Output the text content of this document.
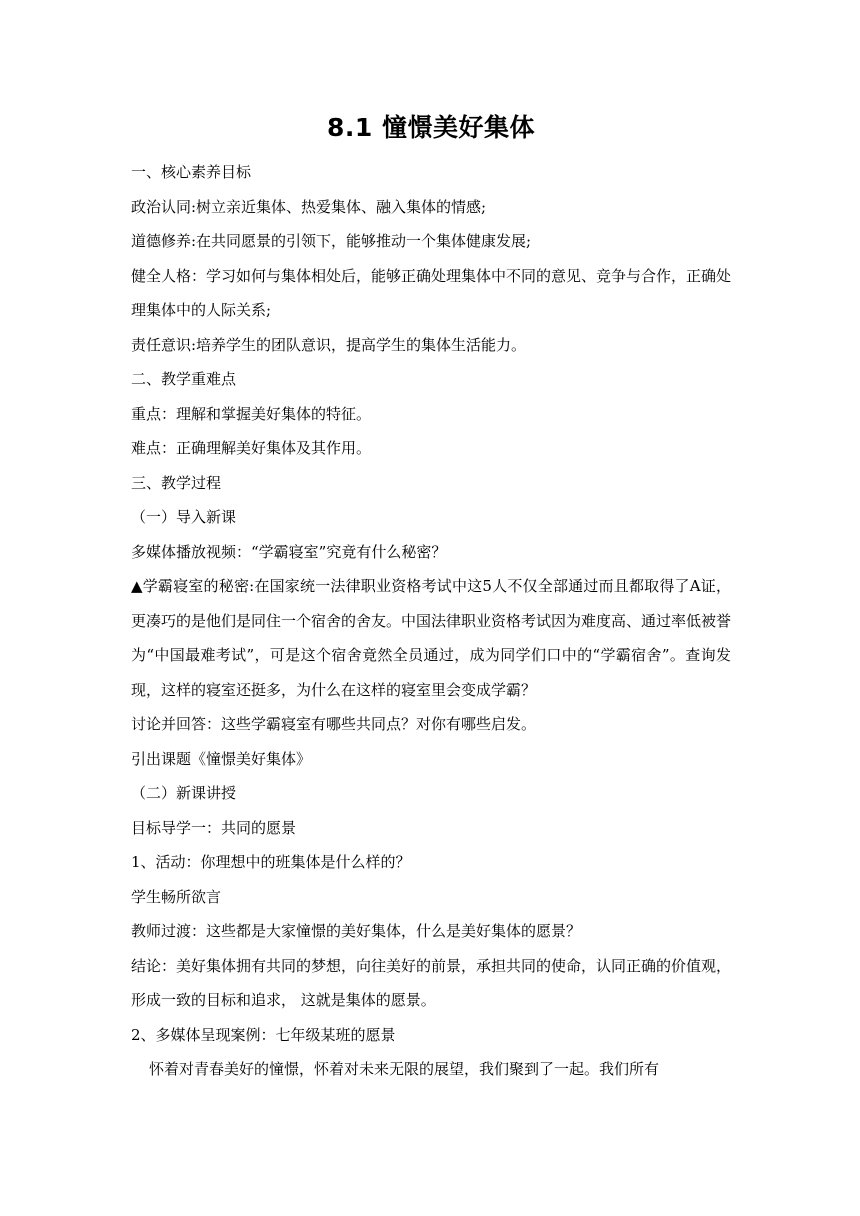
8.1 憧憬美好集体

一、核心素养目标

政治认同:树立亲近集体、热爱集体、融入集体的情感;

道德修养:在共同愿景的引领下，能够推动一个集体健康发展;

健全人格：学习如何与集体相处后，能够正确处理集体中不同的意见、竞争与合作，正确处理集体中的人际关系;

责任意识:培养学生的团队意识，提高学生的集体生活能力。

二、教学重难点

重点：理解和掌握美好集体的特征。

难点：正确理解美好集体及其作用。

三、教学过程

（一）导入新课

多媒体播放视频：“学霸寝室”究竟有什么秘密？

▲学霸寝室的秘密:在国家统一法律职业资格考试中这5人不仅全部通过而且都取得了A证，更凑巧的是他们是同住一个宿舍的舍友。中国法律职业资格考试因为难度高、通过率低被誉为“中国最难考试”，可是这个宿舍竟然全员通过，成为同学们口中的“学霸宿舍”。查询发现，这样的寝室还挺多，为什么在这样的寝室里会变成学霸？

讨论并回答：这些学霸寝室有哪些共同点？对你有哪些启发。

引出课题《憧憬美好集体》

（二）新课讲授

目标导学一：共同的愿景

1、活动：你理想中的班集体是什么样的？

学生畅所欲言

教师过渡：这些都是大家憧憬的美好集体，什么是美好集体的愿景？

结论：美好集体拥有共同的梦想，向往美好的前景，承担共同的使命，认同正确的价值观，形成一致的目标和追求， 这就是集体的愿景。

2、多媒体呈现案例：七年级某班的愿景

怀着对青春美好的憧憬，怀着对未来无限的展望，我们聚到了一起。我们所有
